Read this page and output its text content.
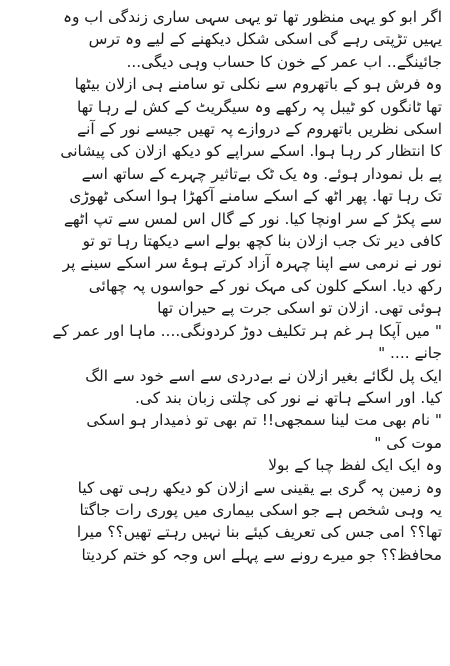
اگر ابو کو یہی منظور تھا تو یہی سہی ساری زندگی اب وہ
یہیں تڑپتی رہے گی اسکی شکل دیکھنے کے لیے وہ ترس
جائینگے.. اب عمر کے خون کا حساب وہی دیگی...
وہ فرش ہو کے باتھروم سے نکلی تو سامنے ہی ازلان بیٹھا
تھا ٹانگوں کو ٹیبل پہ رکھے وہ سیگریٹ کے کش لے رہا تھا
اسکی نظریں باتھروم کے دروازے پہ تھیں جیسے نور کے آنے
کا انتظار کر رہا ہوا. اسکے سراپے کو دیکھ ازلان کی پیشانی
پے بل نمودار ہوئے. وہ یک ٹک بےتاثیر چہرے کے ساتھ اسے
تک رہا تھا. پھر اٹھ کے اسکے سامنے آکھڑا ہوا اسکی ٹھوڑی
سے پکڑ کے سر اونچا کیا. نور کے گال اس لمس سے تپ اٹھے
کافی دیر تک جب ازلان بنا کچھ بولے اسے دیکھتا رہا تو تو
نور نے نرمی سے اپنا چہرہ آزاد کرتے ہوۓ سر اسکے سینے پر
رکھ دیا. اسکے کلون کی مہک نور کے حواسوں پہ چھائی
ہوئی تھی. ازلان تو اسکی جرت پے حیران تھا
" میں آپکا ہر غم ہر تکلیف دوڑ کردونگی.... ماہا اور عمر کے
جانے .... "
ایک پل لگائے بغیر ازلان نے بےدردی سے اسے خود سے الگ
کیا. اور اسکے ہاتھ نے نور کی چلتی زبان بند کی.
" نام بھی مت لینا سمجھی!! تم بھی تو ذمیدار ہو اسکی
موت کی "
وہ ایک ایک لفظ چبا کے بولا
وہ زمین پہ گری بے یقینی سے ازلان کو دیکھ رہی تھی کیا
یہ وہی شخص ہے جو اسکی بیماری میں پوری رات جاگتا
تھا؟؟ امی جس کی تعریف کیئے بنا نہیں رہتے تھیں؟؟ میرا
محافظ؟؟ جو میرے رونے سے پہلے اس وجہ کو ختم کردیتا
